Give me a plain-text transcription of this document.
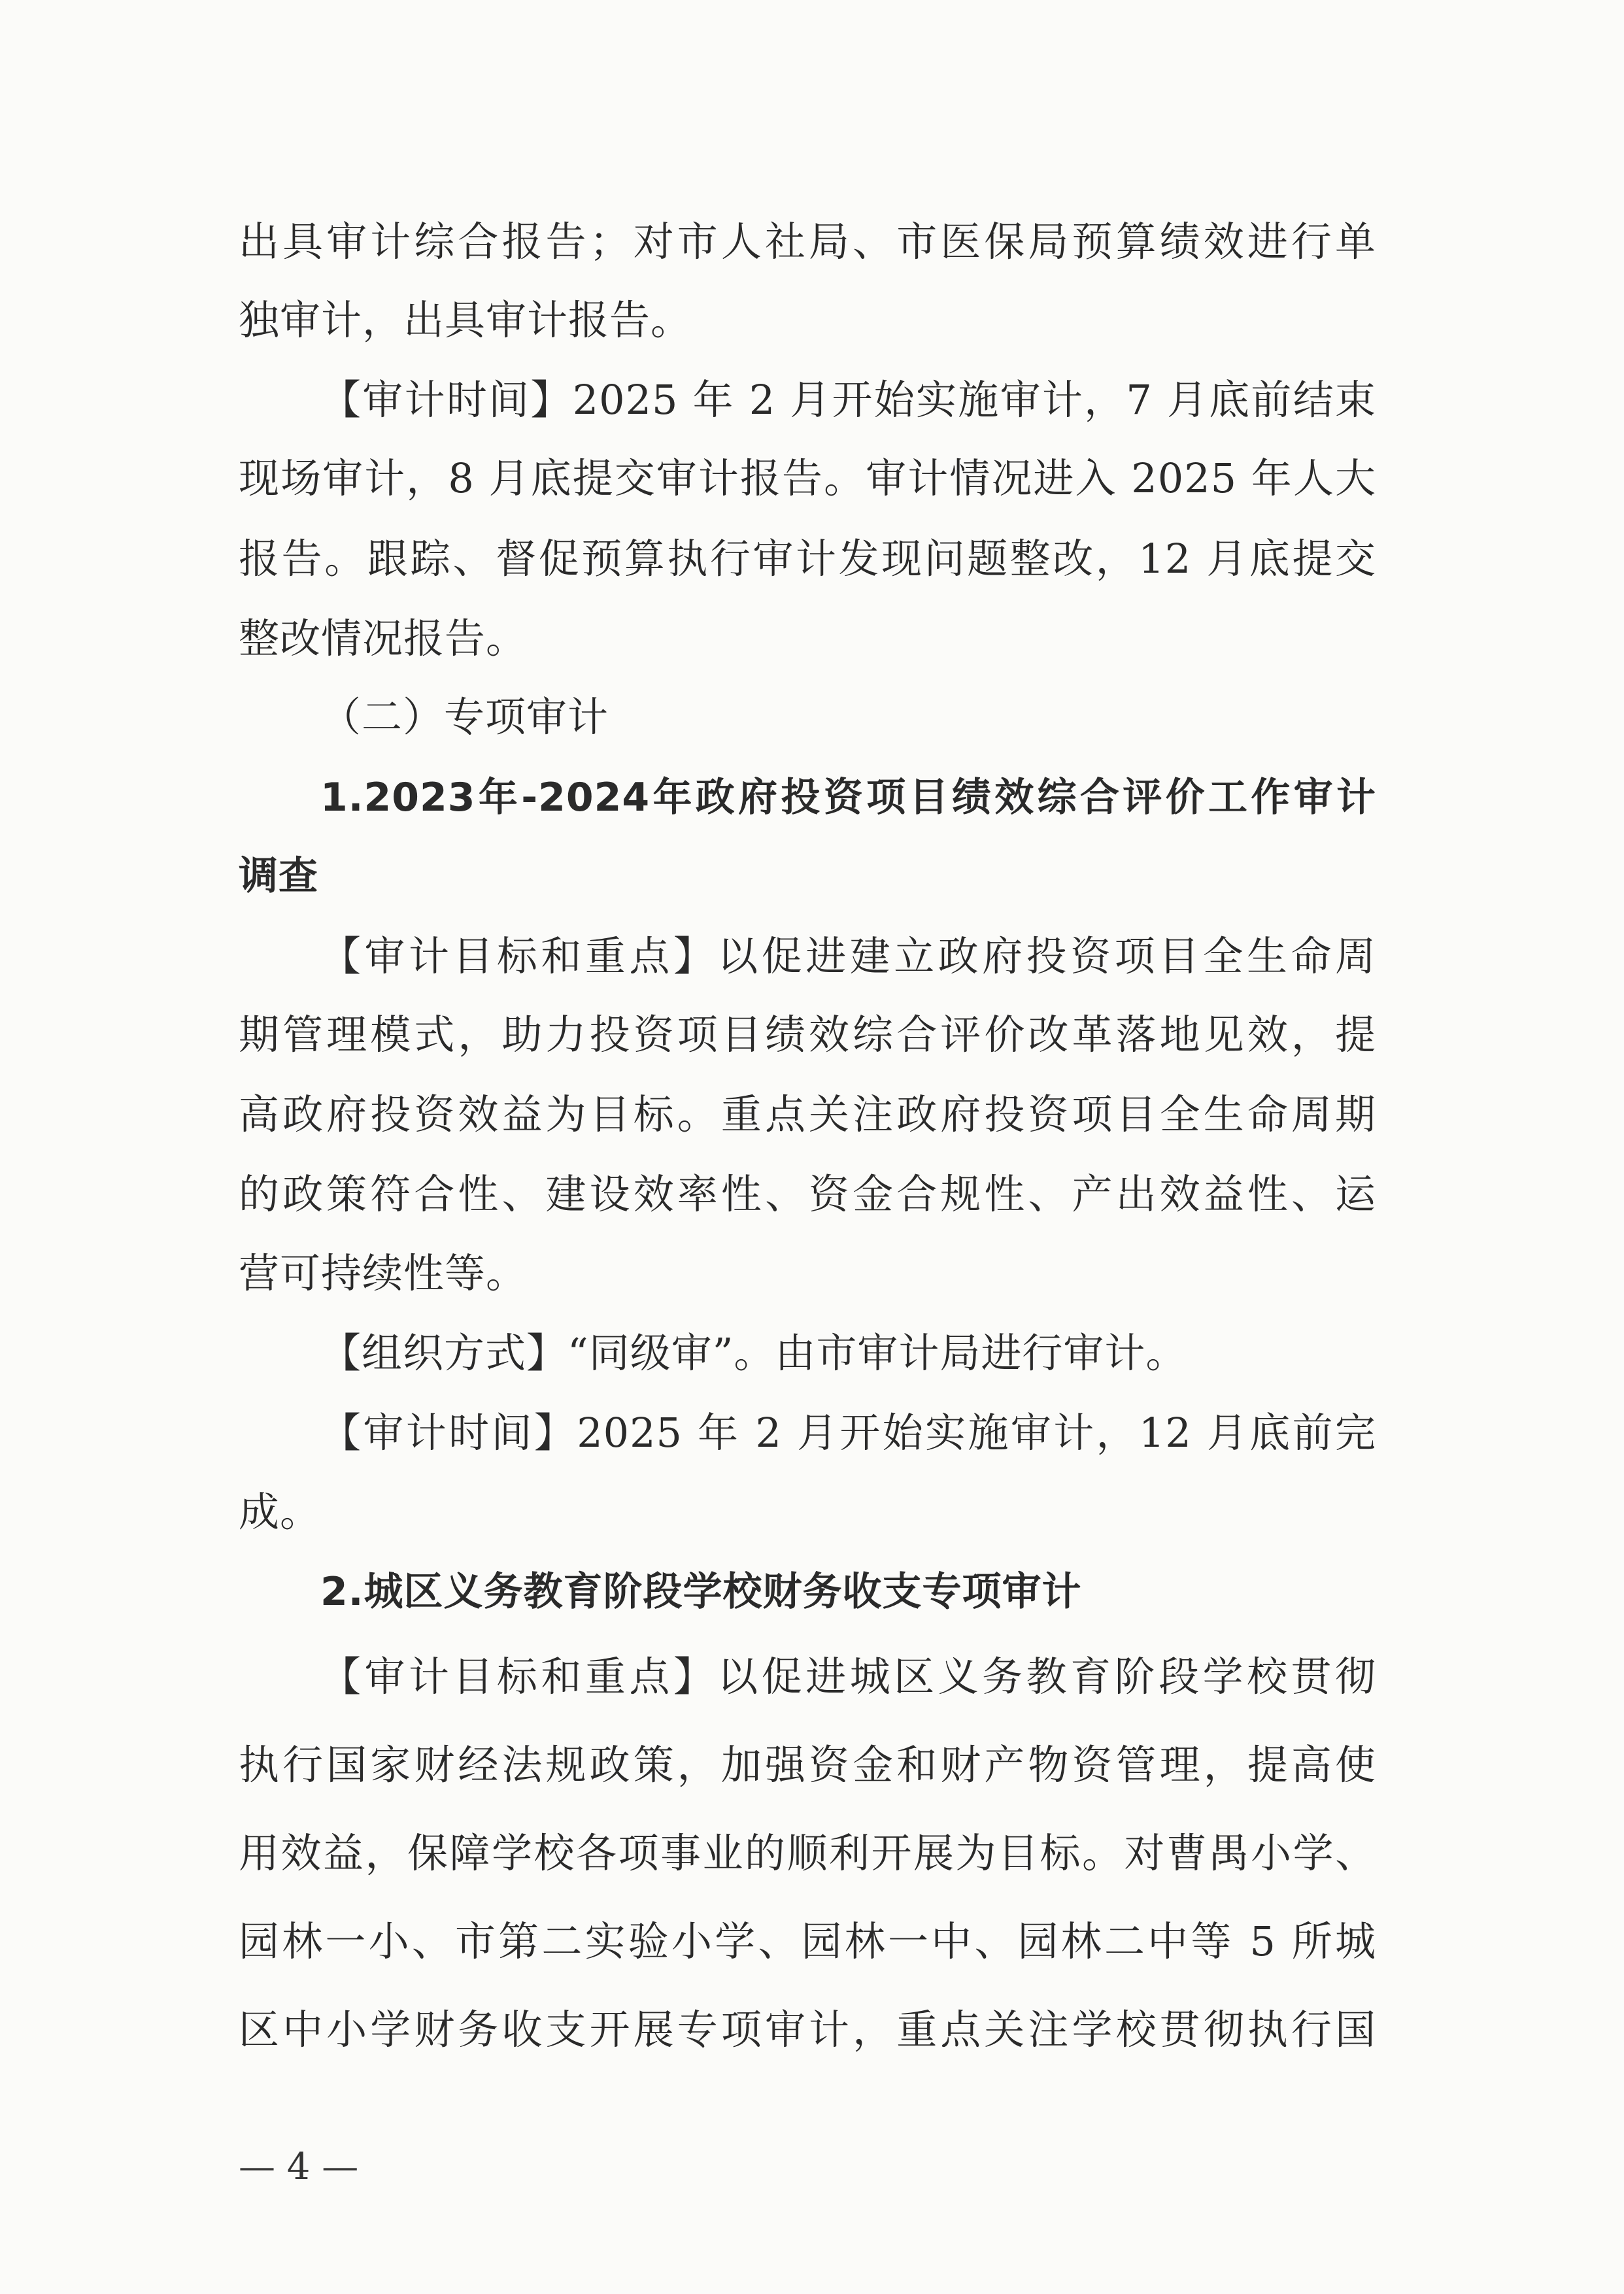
出具审计综合报告；对市人社局、市医保局预算绩效进行单
独审计，出具审计报告。
【审计时间】2025 年 2 月开始实施审计，7 月底前结束
现场审计，8 月底提交审计报告。审计情况进入 2025 年人大
报告。跟踪、督促预算执行审计发现问题整改，12 月底提交
整改情况报告。
（二）专项审计
1.2023年-2024年政府投资项目绩效综合评价工作审计
调查
【审计目标和重点】以促进建立政府投资项目全生命周
期管理模式，助力投资项目绩效综合评价改革落地见效，提
高政府投资效益为目标。重点关注政府投资项目全生命周期
的政策符合性、建设效率性、资金合规性、产出效益性、运
营可持续性等。
【组织方式】“同级审”。由市审计局进行审计。
【审计时间】2025 年 2 月开始实施审计，12 月底前完
成。
2.城区义务教育阶段学校财务收支专项审计
【审计目标和重点】以促进城区义务教育阶段学校贯彻
执行国家财经法规政策，加强资金和财产物资管理，提高使
用效益，保障学校各项事业的顺利开展为目标。对曹禺小学、
园林一小、市第二实验小学、园林一中、园林二中等 5 所城
区中小学财务收支开展专项审计，重点关注学校贯彻执行国
— 4 —
